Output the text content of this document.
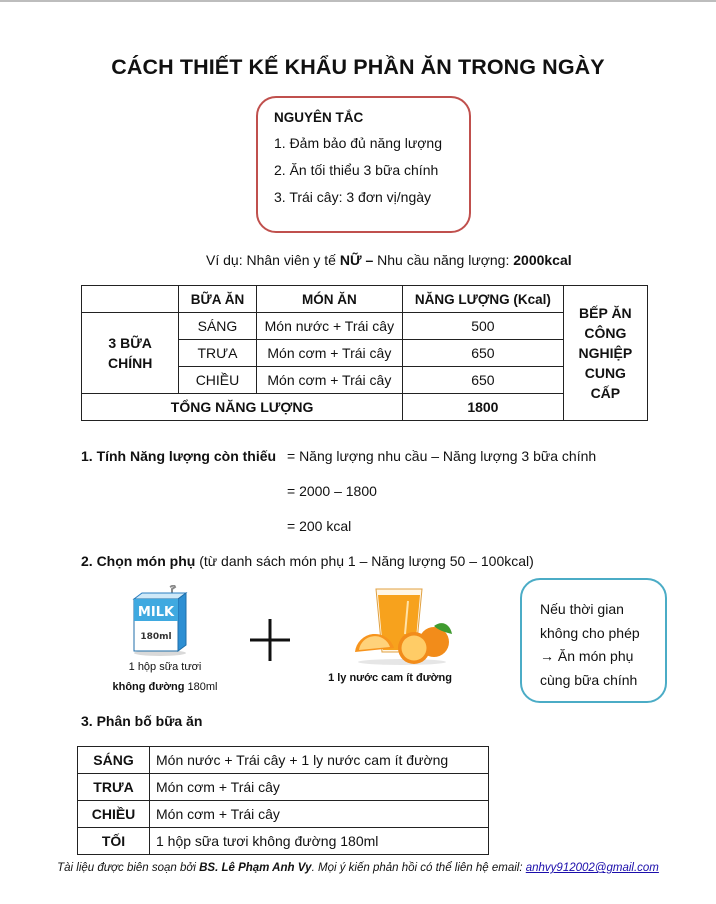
CÁCH THIẾT KẾ KHẨU PHẦN ĂN TRONG NGÀY
NGUYÊN TẮC
1. Đảm bảo đủ năng lượng
2. Ăn tối thiểu 3 bữa chính
3. Trái cây: 3 đơn vị/ngày
Ví dụ: Nhân viên y tế NỮ – Nhu cầu năng lượng: 2000kcal
	BỮA ĂN	MÓN ĂN	NĂNG LƯỢNG (Kcal)	BẾP ĂN CÔNG NGHIỆP CUNG CẤP
3 BỮA CHÍNH	SÁNG	Món nước + Trái cây	500	
	TRƯA	Món cơm + Trái cây	650	
	CHIỀU	Món cơm + Trái cây	650	
TỔNG NĂNG LƯỢNG			1800	
1. Tính Năng lượng còn thiếu = Năng lượng nhu cầu – Năng lượng 3 bữa chính
= 2000 – 1800
= 200 kcal
2. Chọn món phụ (từ danh sách món phụ 1 – Năng lượng 50 – 100kcal)
MILK
180ml
1 hộp sữa tươi
không đường 180ml
1 ly nước cam ít đường
Nếu thời gian
không cho phép
→ Ăn món phụ
cùng bữa chính
3. Phân bố bữa ăn
SÁNG	Món nước + Trái cây + 1 ly nước cam ít đường
TRƯA	Món cơm + Trái cây
CHIỀU	Món cơm + Trái cây
TỐI	1 hộp sữa tươi không đường 180ml
Tài liệu được biên soạn bởi BS. Lê Phạm Anh Vy. Mọi ý kiến phản hồi có thể liên hệ email: anhvy912002@gmail.com
